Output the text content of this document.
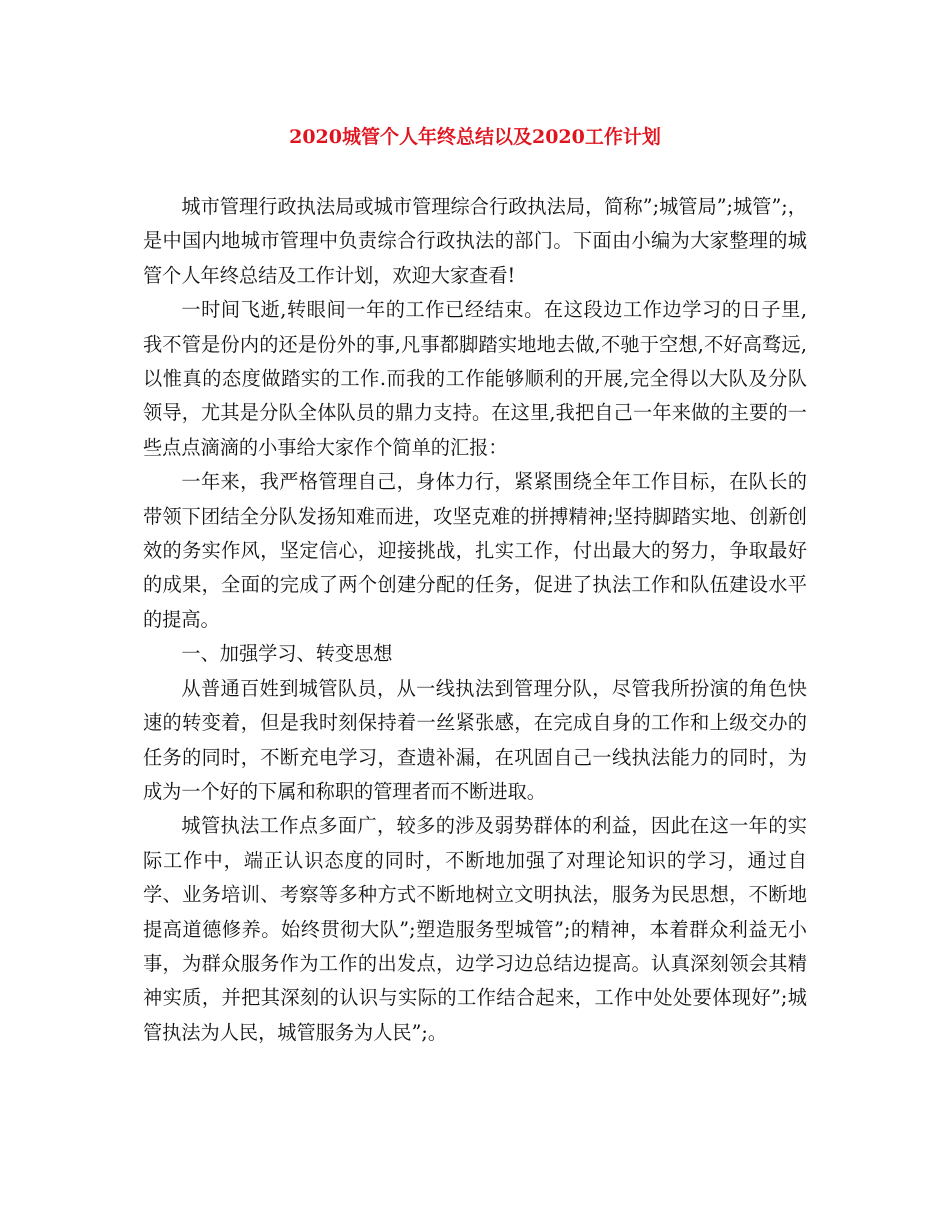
2020城管个人年终总结以及2020工作计划

城市管理行政执法局或城市管理综合行政执法局，简称”;城管局”;城管”;，是中国内地城市管理中负责综合行政执法的部门。下面由小编为大家整理的城管个人年终总结及工作计划，欢迎大家查看!

一时间飞逝,转眼间一年的工作已经结束。在这段边工作边学习的日子里,我不管是份内的还是份外的事,凡事都脚踏实地地去做,不驰于空想,不好高骛远,以惟真的态度做踏实的工作.而我的工作能够顺利的开展,完全得以大队及分队领导，尤其是分队全体队员的鼎力支持。在这里,我把自己一年来做的主要的一些点点滴滴的小事给大家作个简单的汇报：

一年来，我严格管理自己，身体力行，紧紧围绕全年工作目标，在队长的带领下团结全分队发扬知难而进，攻坚克难的拼搏精神;坚持脚踏实地、创新创效的务实作风，坚定信心，迎接挑战，扎实工作，付出最大的努力，争取最好的成果，全面的完成了两个创建分配的任务，促进了执法工作和队伍建设水平的提高。

一、加强学习、转变思想

从普通百姓到城管队员，从一线执法到管理分队，尽管我所扮演的角色快速的转变着，但是我时刻保持着一丝紧张感，在完成自身的工作和上级交办的任务的同时，不断充电学习，查遗补漏，在巩固自己一线执法能力的同时，为成为一个好的下属和称职的管理者而不断进取。

城管执法工作点多面广，较多的涉及弱势群体的利益，因此在这一年的实际工作中，端正认识态度的同时，不断地加强了对理论知识的学习，通过自学、业务培训、考察等多种方式不断地树立文明执法，服务为民思想，不断地提高道德修养。始终贯彻大队”;塑造服务型城管”;的精神，本着群众利益无小事，为群众服务作为工作的出发点，边学习边总结边提高。认真深刻领会其精神实质，并把其深刻的认识与实际的工作结合起来，工作中处处要体现好”;城管执法为人民，城管服务为人民”;。
